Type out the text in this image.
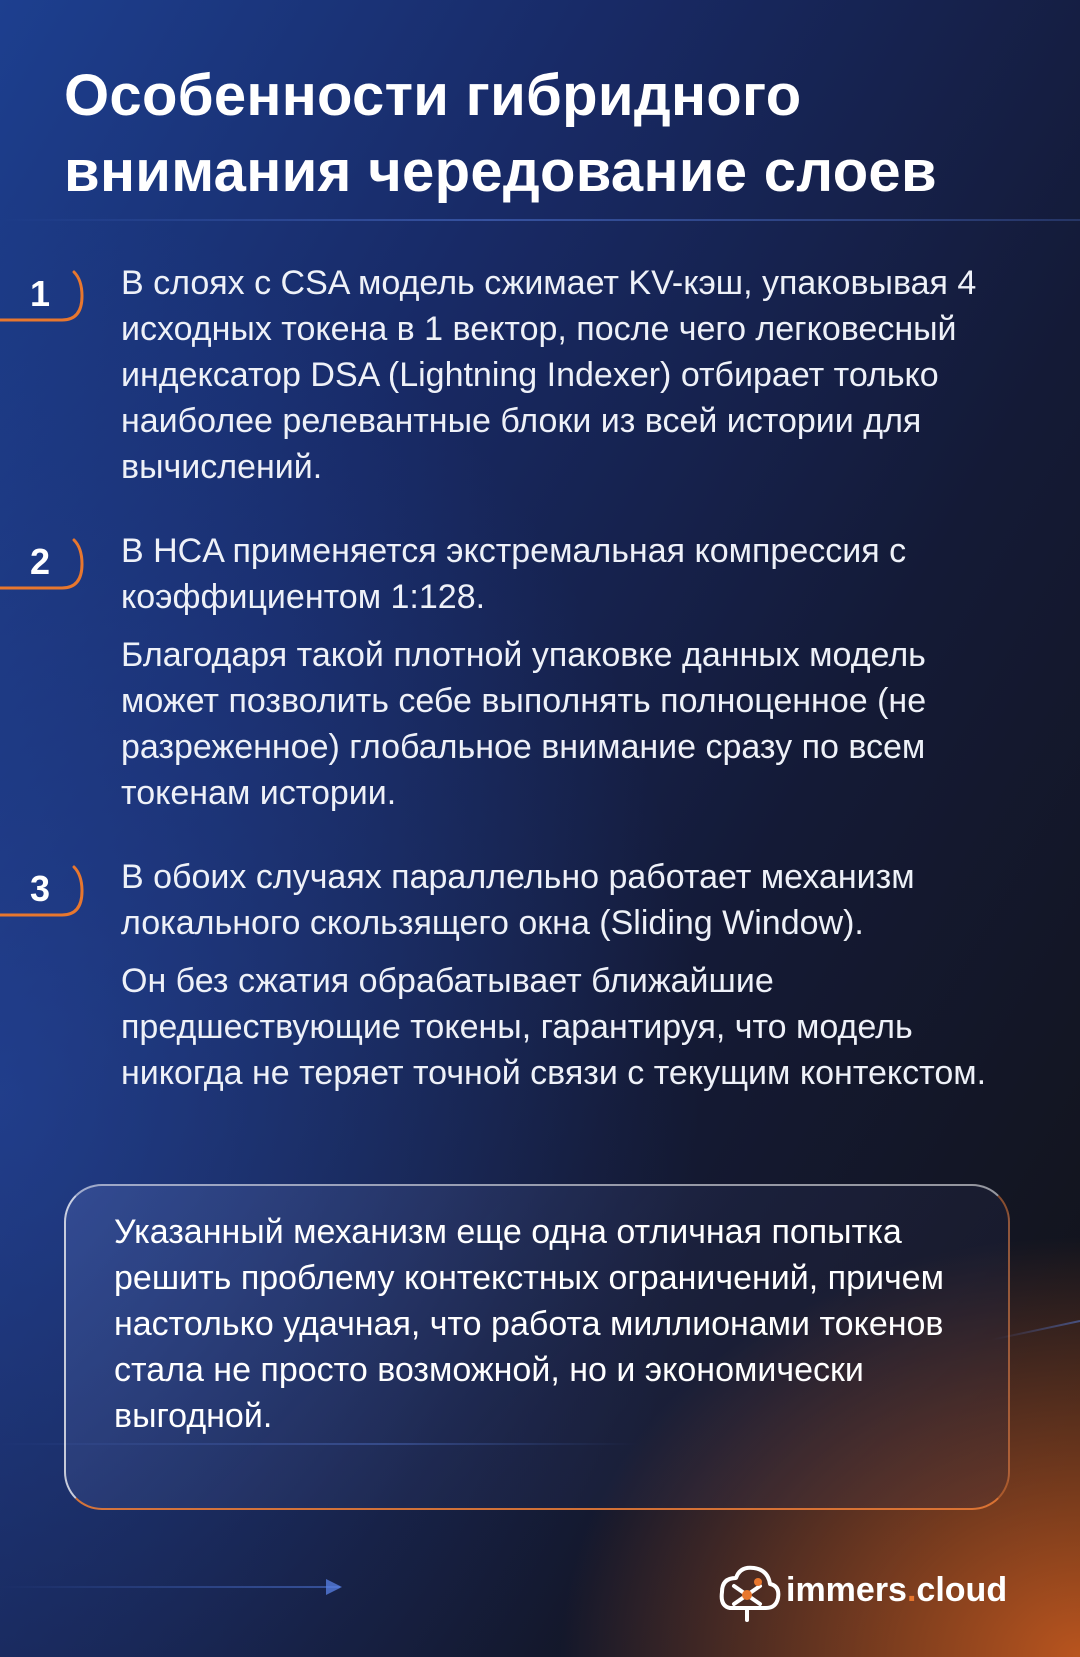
Особенности гибридного
внимания чередование слоев
1 В слоях с CSA модель сжимает KV-кэш, упаковывая 4 исходных токена в 1 вектор, после чего легковесный индексатор DSA (Lightning Indexer) отбирает только наиболее релевантные блоки из всей истории для вычислений.

2 В HCA применяется экстремальная компрессия с коэффициентом 1:128.

Благодаря такой плотной упаковке данных модель может позволить себе выполнять полноценное (не разреженное) глобальное внимание сразу по всем токенам истории.

3 В обоих случаях параллельно работает механизм локального скользящего окна (Sliding Window).

Он без сжатия обрабатывает ближайшие предшествующие токены, гарантируя, что модель никогда не теряет точной связи с текущим контекстом.

Указанный механизм еще одна отличная попытка решить проблему контекстных ограничений, причем настолько удачная, что работа миллионами токенов стала не просто возможной, но и экономически выгодной.

immers.cloud
